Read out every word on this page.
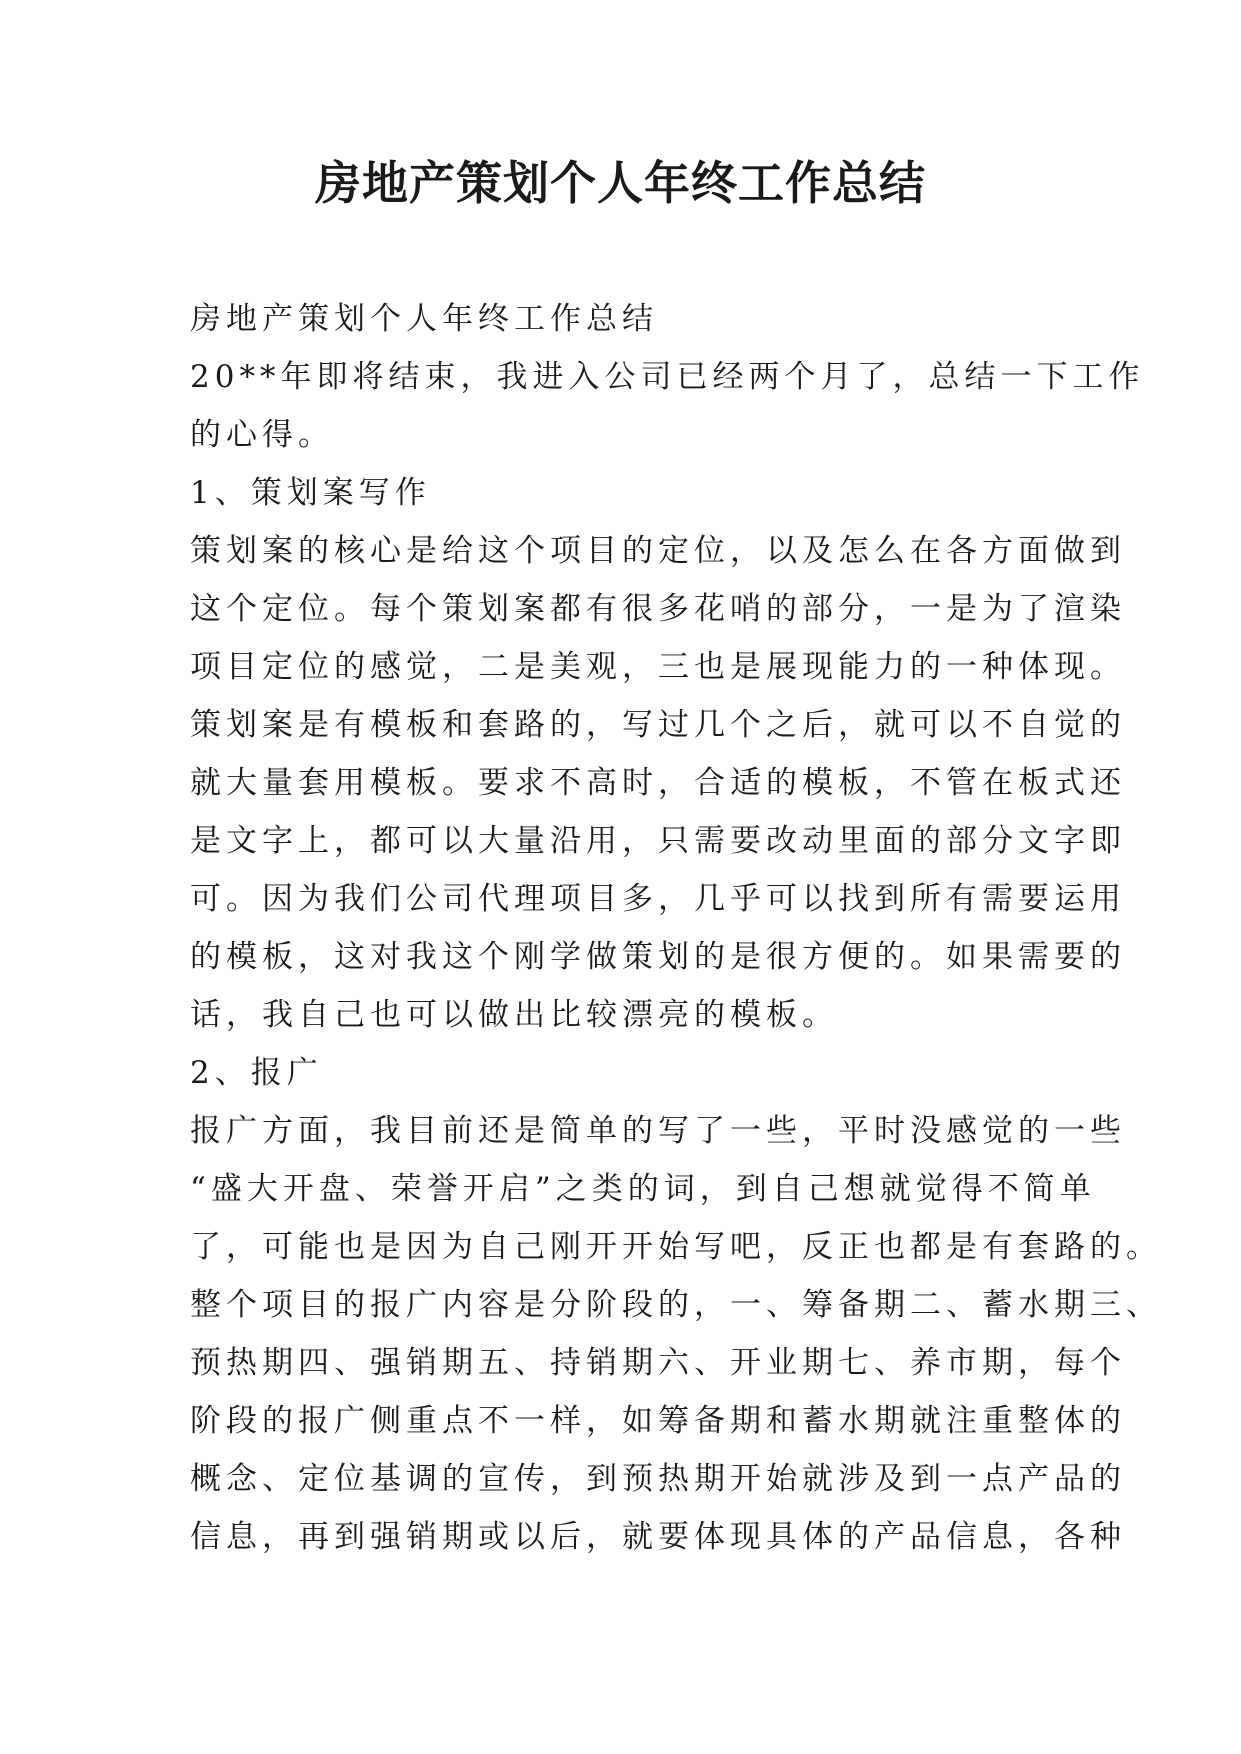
房地产策划个人年终工作总结
房地产策划个人年终工作总结
20**年即将结束，我进入公司已经两个月了，总结一下工作
的心得。
1、策划案写作
策划案的核心是给这个项目的定位，以及怎么在各方面做到
这个定位。每个策划案都有很多花哨的部分，一是为了渲染
项目定位的感觉，二是美观，三也是展现能力的一种体现。
策划案是有模板和套路的，写过几个之后，就可以不自觉的
就大量套用模板。要求不高时，合适的模板，不管在板式还
是文字上，都可以大量沿用，只需要改动里面的部分文字即
可。因为我们公司代理项目多，几乎可以找到所有需要运用
的模板，这对我这个刚学做策划的是很方便的。如果需要的
话，我自己也可以做出比较漂亮的模板。
2、报广
报广方面，我目前还是简单的写了一些，平时没感觉的一些
“盛大开盘、荣誉开启”之类的词，到自己想就觉得不简单
了，可能也是因为自己刚开开始写吧，反正也都是有套路的。
整个项目的报广内容是分阶段的，一、筹备期二、蓄水期三、
预热期四、强销期五、持销期六、开业期七、养市期，每个
阶段的报广侧重点不一样，如筹备期和蓄水期就注重整体的
概念、定位基调的宣传，到预热期开始就涉及到一点产品的
信息，再到强销期或以后，就要体现具体的产品信息，各种
